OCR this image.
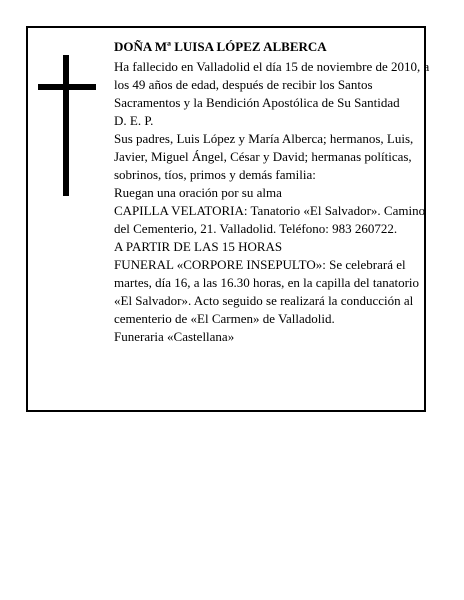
DOÑA Mª LUISA LÓPEZ ALBERCA

Ha fallecido en Valladolid el día 15 de noviembre de 2010, a los 49 años de edad, después de recibir los Santos Sacramentos y la Bendición Apostólica de Su Santidad

D. E. P.

Sus padres, Luis López y María Alberca; hermanos, Luis, Javier, Miguel Ángel, César y David; hermanas políticas, sobrinos, tíos, primos y demás familia:

Ruegan una oración por su alma

CAPILLA VELATORIA: Tanatorio «El Salvador». Camino del Cementerio, 21. Valladolid. Teléfono: 983 260722.

A PARTIR DE LAS 15 HORAS

FUNERAL «CORPORE INSEPULTO»: Se celebrará el martes, día 16, a las 16.30 horas, en la capilla del tanatorio «El Salvador». Acto seguido se realizará la conducción al cementerio de «El Carmen» de Valladolid.

Funeraria «Castellana»
